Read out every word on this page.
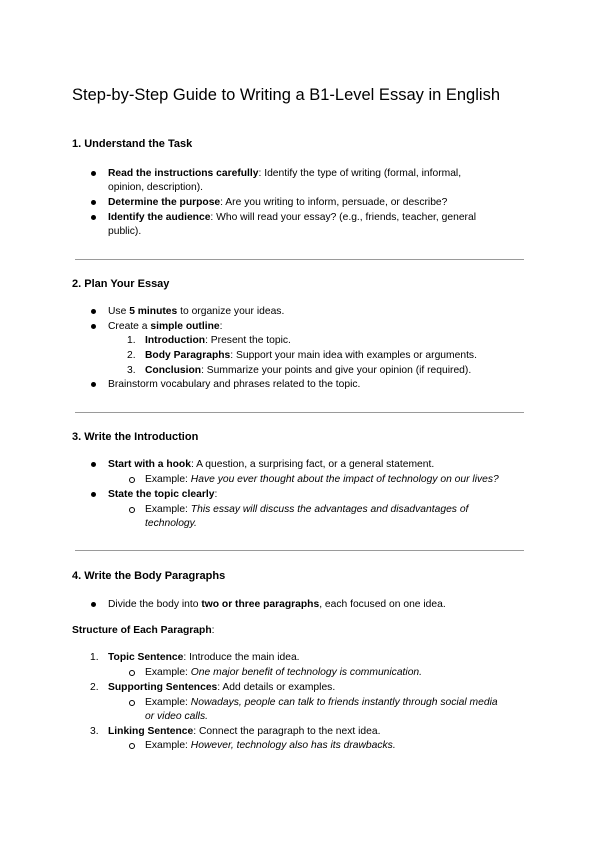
Step-by-Step Guide to Writing a B1-Level Essay in English
1. Understand the Task
Read the instructions carefully: Identify the type of writing (formal, informal,
opinion, description).
Determine the purpose: Are you writing to inform, persuade, or describe?
Identify the audience: Who will read your essay? (e.g., friends, teacher, general
public).
2. Plan Your Essay
Use 5 minutes to organize your ideas.
Create a simple outline:
1. Introduction: Present the topic.
2. Body Paragraphs: Support your main idea with examples or arguments.
3. Conclusion: Summarize your points and give your opinion (if required).
Brainstorm vocabulary and phrases related to the topic.
3. Write the Introduction
Start with a hook: A question, a surprising fact, or a general statement.
Example: Have you ever thought about the impact of technology on our lives?
State the topic clearly:
Example: This essay will discuss the advantages and disadvantages of
technology.
4. Write the Body Paragraphs
Divide the body into two or three paragraphs, each focused on one idea.
Structure of Each Paragraph:
1. Topic Sentence: Introduce the main idea.
Example: One major benefit of technology is communication.
2. Supporting Sentences: Add details or examples.
Example: Nowadays, people can talk to friends instantly through social media
or video calls.
3. Linking Sentence: Connect the paragraph to the next idea.
Example: However, technology also has its drawbacks.
